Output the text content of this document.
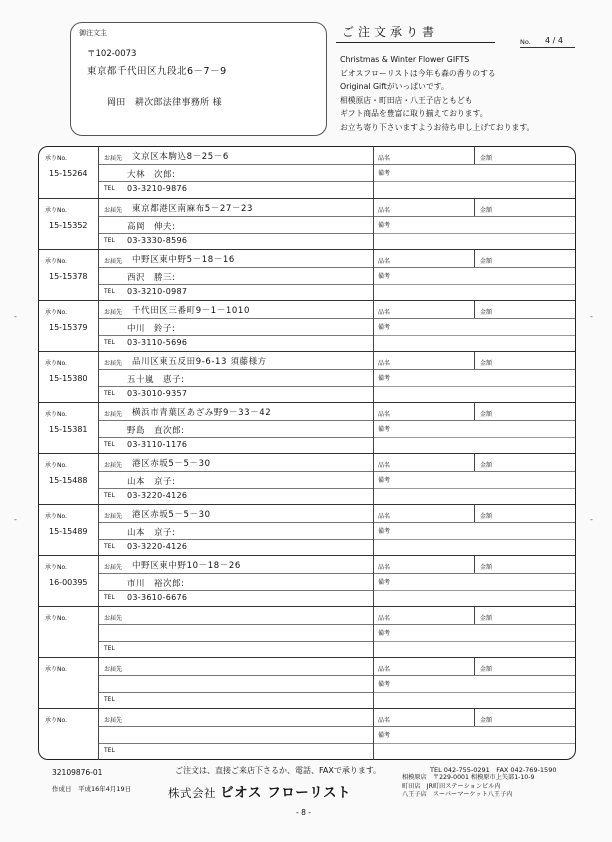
御注文主
〒102-0073
東京都千代田区九段北6－7－9
岡田　耕次郎法律事務所 様
ご注文承り書
No. 4 / 4
Christmas & Winter Flower GIFTS
ビオスフローリストは今年も森の香りのする
Original Giftがいっぱいです。
相模原店・町田店・八王子店ともども
ギフト商品を豊富に取り揃えております。
お立ち寄り下さいますようお待ち申し上げております。
-
-
-
-
承りNo.
15-15264
お届先 文京区本駒込8－25－6
大林　次郎:
TEL 03-3210-9876
品名	金額
備考
承りNo.
15-15352
お届先 東京都港区南麻布5－27－23
高岡　伸夫:
TEL 03-3330-8596
品名	金額
備考
承りNo.
15-15378
お届先 中野区東中野5－18－16
西沢　勝三:
TEL 03-3210-0987
品名	金額
備考
承りNo.
15-15379
お届先 千代田区三番町9－1－1010
中川　鈴子:
TEL 03-3110-5696
品名	金額
備考
承りNo.
15-15380
お届先 品川区東五反田9-6-13 須藤様方
五十嵐　恵子:
TEL 03-3010-9357
品名	金額
備考
承りNo.
15-15381
お届先 横浜市青葉区あざみ野9－33－42
野島　直次郎:
TEL 03-3110-1176
品名	金額
備考
承りNo.
15-15488
お届先 港区赤坂5－5－30
山本　京子:
TEL 03-3220-4126
品名	金額
備考
承りNo.
15-15489
お届先 港区赤坂5－5－30
山本　京子:
TEL 03-3220-4126
品名	金額
備考
承りNo.
16-00395
お届先 中野区東中野10－18－26
市川　裕次郎:
TEL 03-3610-6676
品名	金額
備考
承りNo.	お届先
TEL
品名	金額
備考
承りNo.	お届先
TEL
品名	金額
備考
承りNo.	お届先
TEL
品名	金額
備考
32109876-01
作成日　平成16年4月19日
ご注文は、直接ご来店下さるか、電話、FAXで承ります。
株式会社 ビオス フローリスト
TEL 042-755-0291　FAX 042-769-1590
相模原店　〒229-0001 相模原市上矢部1-10-9
町田店　JR町田ステーションビル内
八王子店　スーパーマーケット八王子内
- 8 -
